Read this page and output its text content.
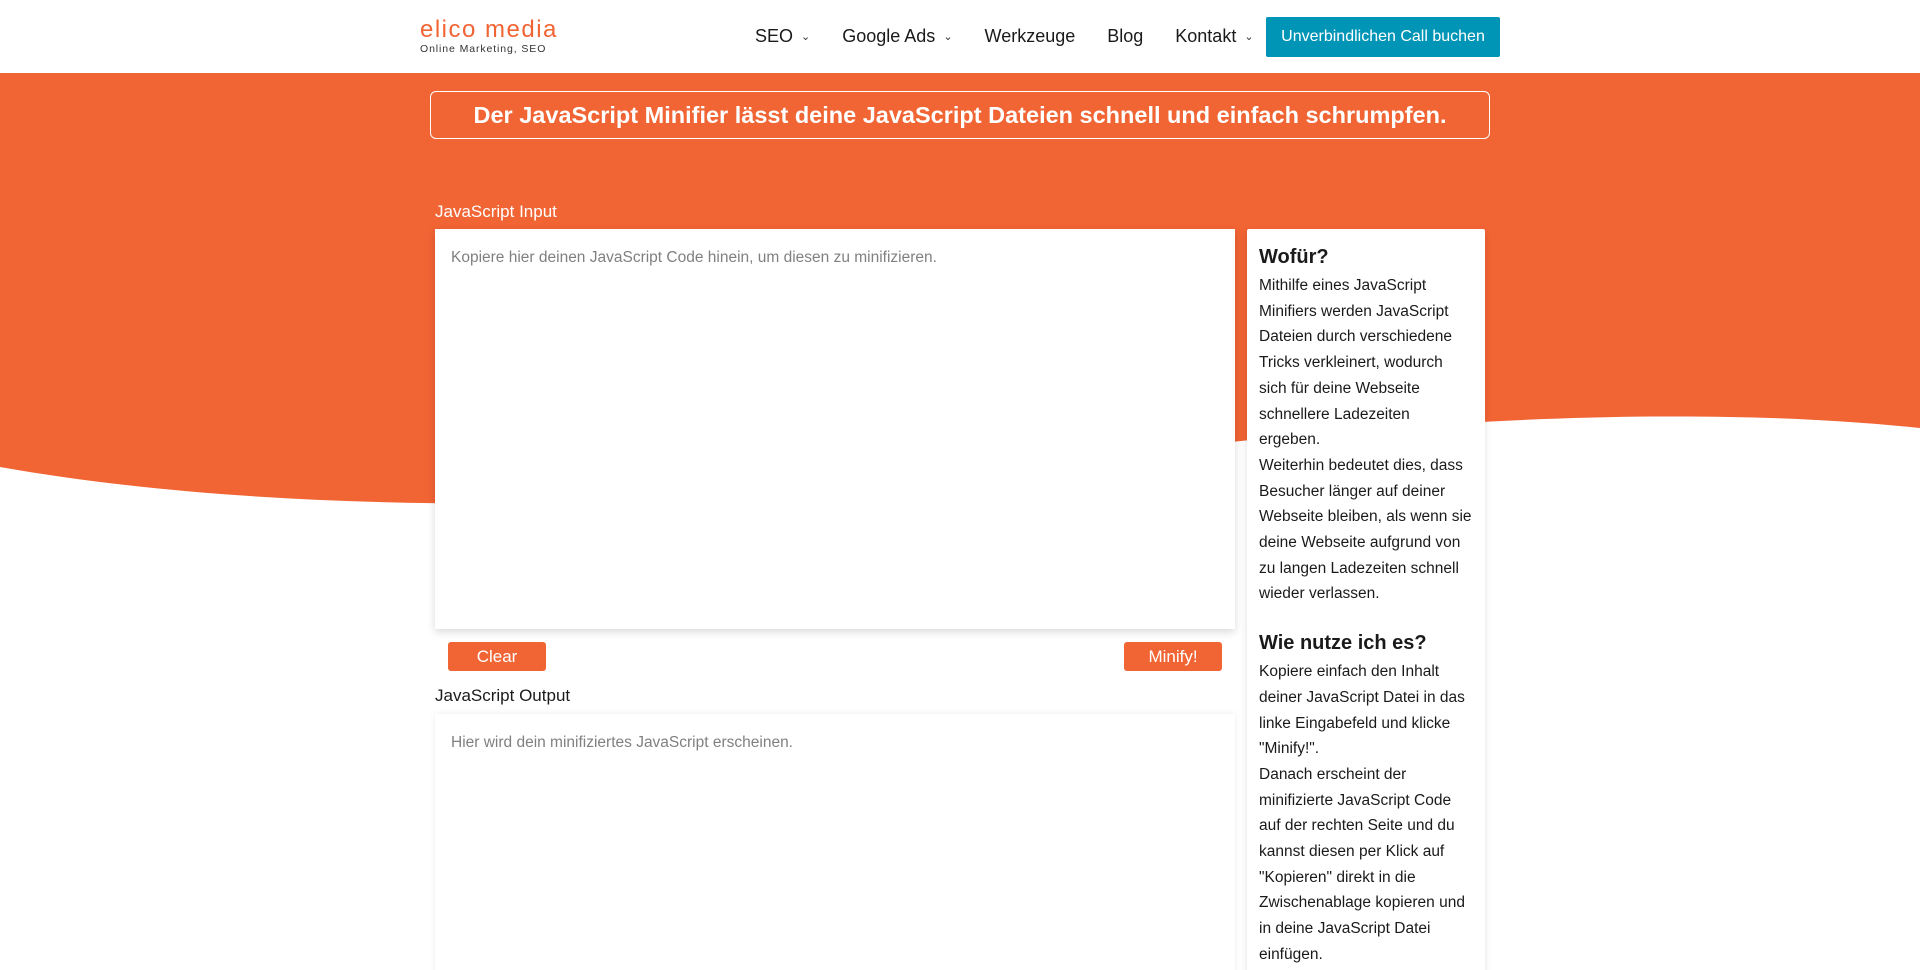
elico media
Online Marketing, SEO
SEO ⌄ Google Ads ⌄ Werkzeuge Blog Kontakt ⌄	Unverbindlichen Call buchen
Der JavaScript Minifier lässt deine JavaScript Dateien schnell und einfach schrumpfen.
JavaScript Input
Kopiere hier deinen JavaScript Code hinein, um diesen zu minifizieren.
Clear	Minify!
JavaScript Output
Hier wird dein minifiziertes JavaScript erscheinen.
Wofür?

Mithilfe eines JavaScript Minifiers werden JavaScript Dateien durch verschiedene Tricks verkleinert, wodurch sich für deine Webseite schnellere Ladezeiten ergeben.

Weiterhin bedeutet dies, dass Besucher länger auf deiner Webseite bleiben, als wenn sie deine Webseite aufgrund von zu langen Ladezeiten schnell wieder verlassen.

Wie nutze ich es?

Kopiere einfach den Inhalt deiner JavaScript Datei in das linke Eingabefeld und klicke "Minify!".

Danach erscheint der minifizierte JavaScript Code auf der rechten Seite und du kannst diesen per Klick auf "Kopieren" direkt in die Zwischenablage kopieren und in deine JavaScript Datei einfügen.
